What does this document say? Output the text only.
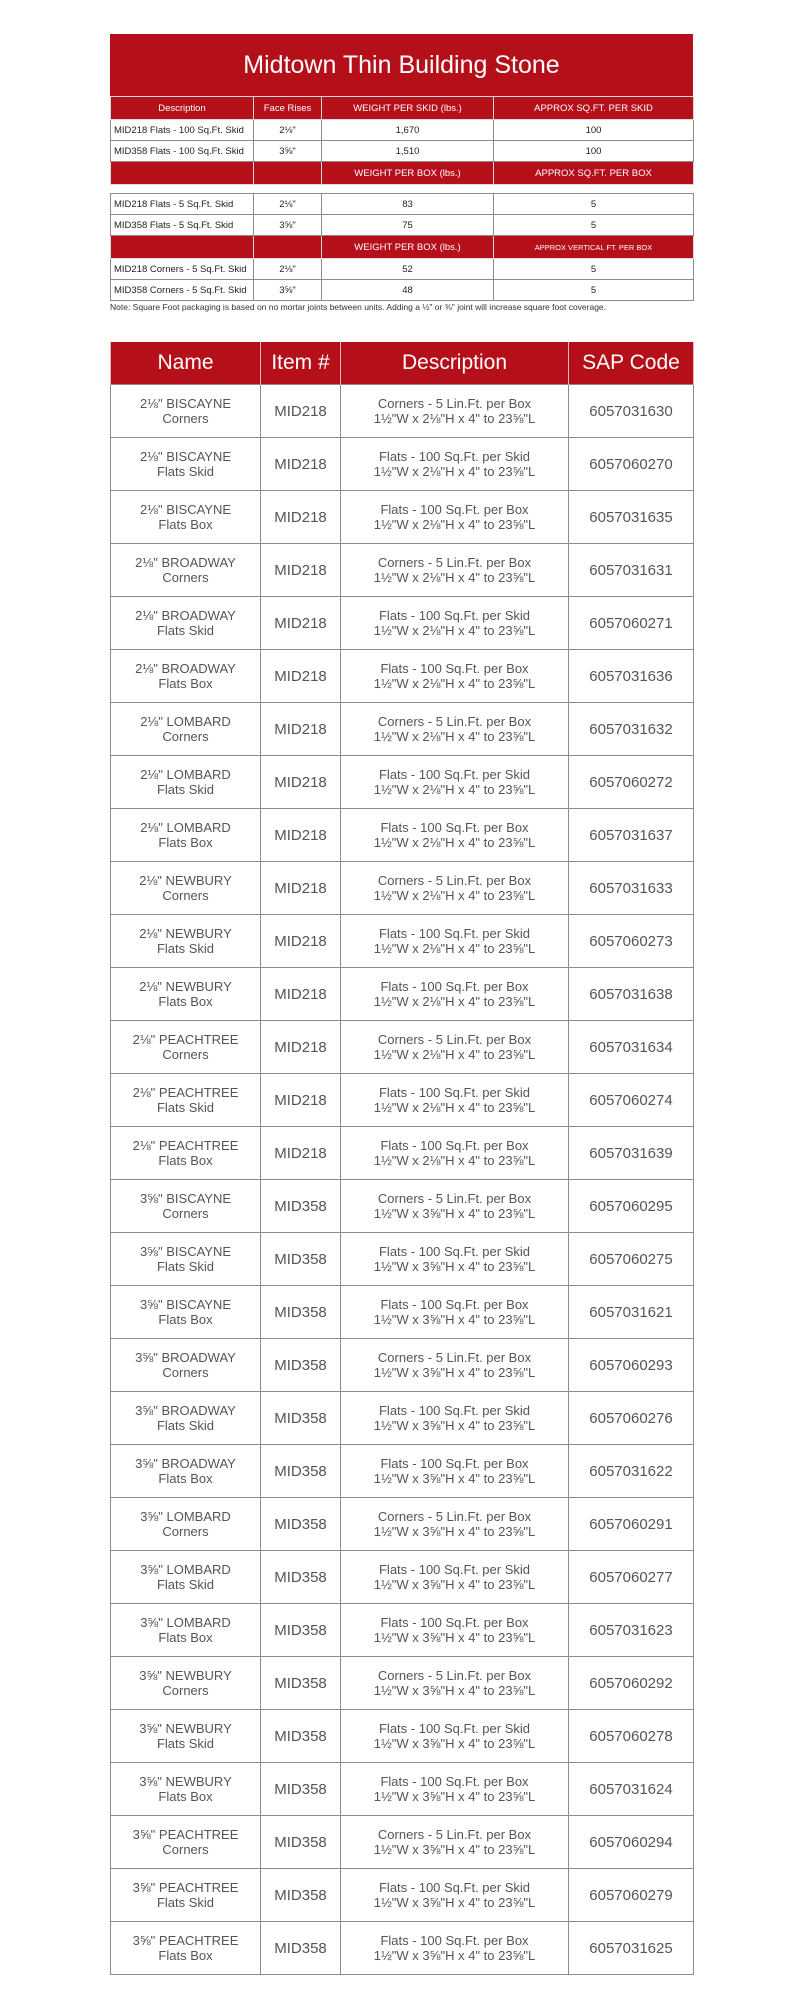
Midtown Thin Building Stone
Description	Face Rises	WEIGHT PER SKID (lbs.)	APPROX SQ.FT. PER SKID
MID218 Flats - 100 Sq.Ft. Skid	2⅛"	1,670	100
MID358 Flats - 100 Sq.Ft. Skid	3⅝"	1,510	100
		WEIGHT PER BOX (lbs.)	APPROX SQ.FT. PER BOX

MID218 Flats - 5 Sq.Ft. Skid	2⅛"	83	5
MID358 Flats - 5 Sq.Ft. Skid	3⅝"	75	5
		WEIGHT PER BOX (lbs.)	APPROX VERTICAL FT. PER BOX
MID218 Corners - 5 Sq.Ft. Skid	2⅛"	52	5
MID358 Corners - 5 Sq.Ft. Skid	3⅝"	48	5
Note: Square Foot packaging is based on no mortar joints between units. Adding a ½" or ⅜" joint will increase square foot coverage.
Name	Item #	Description	SAP Code
2⅛" BISCAYNE
Corners	MID218	Corners - 5 Lin.Ft. per Box
1½"W x 2⅛"H x 4" to 23⅝"L	6057031630
2⅛" BISCAYNE
Flats Skid	MID218	Flats - 100 Sq.Ft. per Skid
1½"W x 2⅛"H x 4" to 23⅝"L	6057060270
2⅛" BISCAYNE
Flats Box	MID218	Flats - 100 Sq.Ft. per Box
1½"W x 2⅛"H x 4" to 23⅝"L	6057031635
2⅛" BROADWAY
Corners	MID218	Corners - 5 Lin.Ft. per Box
1½"W x 2⅛"H x 4" to 23⅝"L	6057031631
2⅛" BROADWAY
Flats Skid	MID218	Flats - 100 Sq.Ft. per Skid
1½"W x 2⅛"H x 4" to 23⅝"L	6057060271
2⅛" BROADWAY
Flats Box	MID218	Flats - 100 Sq.Ft. per Box
1½"W x 2⅛"H x 4" to 23⅝"L	6057031636
2⅛" LOMBARD
Corners	MID218	Corners - 5 Lin.Ft. per Box
1½"W x 2⅛"H x 4" to 23⅝"L	6057031632
2⅛" LOMBARD
Flats Skid	MID218	Flats - 100 Sq.Ft. per Skid
1½"W x 2⅛"H x 4" to 23⅝"L	6057060272
2⅛" LOMBARD
Flats Box	MID218	Flats - 100 Sq.Ft. per Box
1½"W x 2⅛"H x 4" to 23⅝"L	6057031637
2⅛" NEWBURY
Corners	MID218	Corners - 5 Lin.Ft. per Box
1½"W x 2⅛"H x 4" to 23⅝"L	6057031633
2⅛" NEWBURY
Flats Skid	MID218	Flats - 100 Sq.Ft. per Skid
1½"W x 2⅛"H x 4" to 23⅝"L	6057060273
2⅛" NEWBURY
Flats Box	MID218	Flats - 100 Sq.Ft. per Box
1½"W x 2⅛"H x 4" to 23⅝"L	6057031638
2⅛" PEACHTREE
Corners	MID218	Corners - 5 Lin.Ft. per Box
1½"W x 2⅛"H x 4" to 23⅝"L	6057031634
2⅛" PEACHTREE
Flats Skid	MID218	Flats - 100 Sq.Ft. per Skid
1½"W x 2⅛"H x 4" to 23⅝"L	6057060274
2⅛" PEACHTREE
Flats Box	MID218	Flats - 100 Sq.Ft. per Box
1½"W x 2⅛"H x 4" to 23⅝"L	6057031639
3⅝" BISCAYNE
Corners	MID358	Corners - 5 Lin.Ft. per Box
1½"W x 3⅝"H x 4" to 23⅝"L	6057060295
3⅝" BISCAYNE
Flats Skid	MID358	Flats - 100 Sq.Ft. per Skid
1½"W x 3⅝"H x 4" to 23⅝"L	6057060275
3⅝" BISCAYNE
Flats Box	MID358	Flats - 100 Sq.Ft. per Box
1½"W x 3⅝"H x 4" to 23⅝"L	6057031621
3⅝" BROADWAY
Corners	MID358	Corners - 5 Lin.Ft. per Box
1½"W x 3⅝"H x 4" to 23⅝"L	6057060293
3⅝" BROADWAY
Flats Skid	MID358	Flats - 100 Sq.Ft. per Skid
1½"W x 3⅝"H x 4" to 23⅝"L	6057060276
3⅝" BROADWAY
Flats Box	MID358	Flats - 100 Sq.Ft. per Box
1½"W x 3⅝"H x 4" to 23⅝"L	6057031622
3⅝" LOMBARD
Corners	MID358	Corners - 5 Lin.Ft. per Box
1½"W x 3⅝"H x 4" to 23⅝"L	6057060291
3⅝" LOMBARD
Flats Skid	MID358	Flats - 100 Sq.Ft. per Skid
1½"W x 3⅝"H x 4" to 23⅝"L	6057060277
3⅝" LOMBARD
Flats Box	MID358	Flats - 100 Sq.Ft. per Box
1½"W x 3⅝"H x 4" to 23⅝"L	6057031623
3⅝" NEWBURY
Corners	MID358	Corners - 5 Lin.Ft. per Box
1½"W x 3⅝"H x 4" to 23⅝"L	6057060292
3⅝" NEWBURY
Flats Skid	MID358	Flats - 100 Sq.Ft. per Skid
1½"W x 3⅝"H x 4" to 23⅝"L	6057060278
3⅝" NEWBURY
Flats Box	MID358	Flats - 100 Sq.Ft. per Box
1½"W x 3⅝"H x 4" to 23⅝"L	6057031624
3⅝" PEACHTREE
Corners	MID358	Corners - 5 Lin.Ft. per Box
1½"W x 3⅝"H x 4" to 23⅝"L	6057060294
3⅝" PEACHTREE
Flats Skid	MID358	Flats - 100 Sq.Ft. per Skid
1½"W x 3⅝"H x 4" to 23⅝"L	6057060279
3⅝" PEACHTREE
Flats Box	MID358	Flats - 100 Sq.Ft. per Box
1½"W x 3⅝"H x 4" to 23⅝"L	6057031625
